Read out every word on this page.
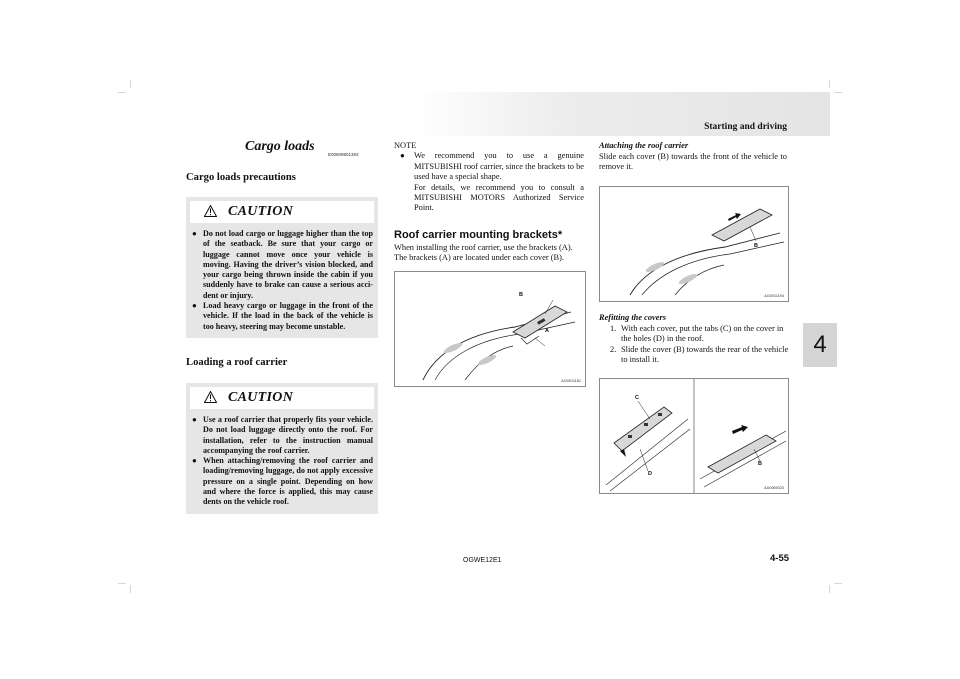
Starting and driving
4
Cargo loads
E00609901383
Cargo loads precautions
CAUTION
● Do not load cargo or luggage higher than the top of the seatback. Be sure that your cargo or luggage cannot move once your vehicle is moving. Having the driver’s vision blocked, and your cargo being thrown inside the cabin if you suddenly have to brake can cause a serious accident or injury.
● Load heavy cargo or luggage in the front of the vehicle. If the load in the back of the vehicle is too heavy, steering may become unstable.
Loading a roof carrier
CAUTION
● Use a roof carrier that properly fits your vehicle. Do not load luggage directly onto the roof. For installation, refer to the instruction manual accompanying the roof carrier.
● When attaching/removing the roof carrier and loading/removing luggage, do not apply excessive pressure on a single point. Depending on how and where the force is applied, this may cause dents on the vehicle roof.
NOTE
● We recommend you to use a genuine MITSUBISHI roof carrier, since the brackets to be used have a special shape.
For details, we recommend you to consult a MITSUBISHI MOTORS Authorized Service Point.
Roof carrier mounting brackets*
When installing the roof carrier, use the brackets (A). The brackets (A) are located under each cover (B).
B
A
AG0011181
Attaching the roof carrier
Slide each cover (B) towards the front of the vehicle to remove it.
B
AG0011194
Refitting the covers
1. With each cover, put the tabs (C) on the cover in the holes (D) in the roof.
2. Slide the cover (B) towards the rear of the vehicle to install it.
C
D
B
AA0069023
OGWE12E1	4-55
